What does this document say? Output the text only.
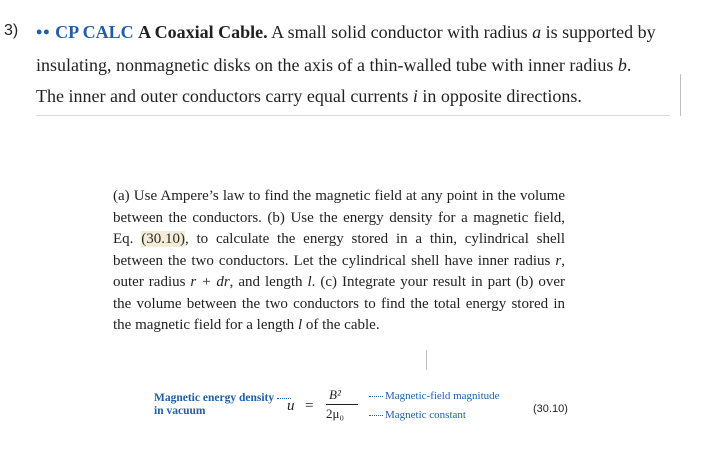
3) •• CP CALC A Coaxial Cable. A small solid conductor with radius a is supported by
insulating, nonmagnetic disks on the axis of a thin-walled tube with inner radius b.
The inner and outer conductors carry equal currents i in opposite directions.
(a) Use Ampere’s law to find the magnetic field at any point in the volume between the conductors. (b) Use the energy density for a magnetic field, Eq. (30.10), to calculate the energy stored in a thin, cylindrical shell between the two conductors. Let the cylindrical shell have inner radius r, outer radius r + dr, and length l. (c) Integrate your result in part (b) over the volume between the two conductors to find the total energy stored in the magnetic field for a length l of the cable.
Magnetic energy density
in vacuum	u =
B²
2μ₀
Magnetic-field magnitude
Magnetic constant	(30.10)
